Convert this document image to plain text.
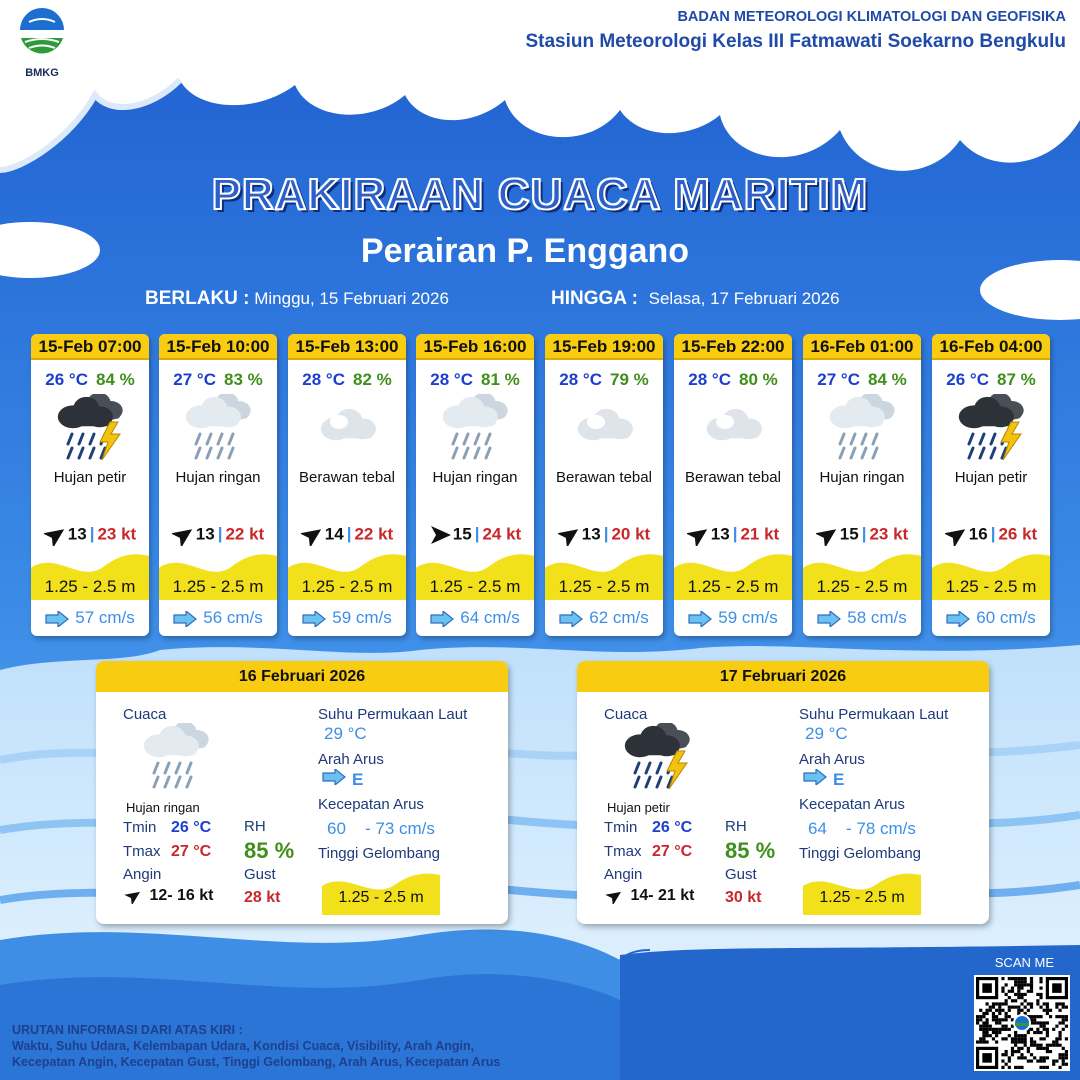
BMKG
BADAN METEOROLOGI KLIMATOLOGI DAN GEOFISIKA
Stasiun Meteorologi Kelas III Fatmawati Soekarno Bengkulu
PRAKIRAAN CUACA MARITIM
Perairan P. Enggano
BERLAKU : Minggu, 15 Februari 2026	HINGGA : Selasa, 17 Februari 2026
15-Feb 07:00
26 °C 84 %
Hujan petir
13 | 23 kt
1.25 - 2.5 m
57 cm/s
15-Feb 10:00
27 °C 83 %
Hujan ringan
13 | 22 kt
1.25 - 2.5 m
56 cm/s
15-Feb 13:00
28 °C 82 %
Berawan tebal
14 | 22 kt
1.25 - 2.5 m
59 cm/s
15-Feb 16:00
28 °C 81 %
Hujan ringan
15 | 24 kt
1.25 - 2.5 m
64 cm/s
15-Feb 19:00
28 °C 79 %
Berawan tebal
13 | 20 kt
1.25 - 2.5 m
62 cm/s
15-Feb 22:00
28 °C 80 %
Berawan tebal
13 | 21 kt
1.25 - 2.5 m
59 cm/s
16-Feb 01:00
27 °C 84 %
Hujan ringan
15 | 23 kt
1.25 - 2.5 m
58 cm/s
16-Feb 04:00
26 °C 87 %
Hujan petir
16 | 26 kt
1.25 - 2.5 m
60 cm/s
16 Februari 2026
Cuaca
Hujan ringan
Tmin 26 °C
Tmax 27 °C
RH
85 %
Angin
12- 16 kt
Gust
28 kt
Suhu Permukaan Laut
29 °C
Arah Arus
E
Kecepatan Arus
60 - 73 cm/s
Tinggi Gelombang
1.25 - 2.5 m
17 Februari 2026
Cuaca
Hujan petir
Tmin 26 °C
Tmax 27 °C
RH
85 %
Angin
14- 21 kt
Gust
30 kt
Suhu Permukaan Laut
29 °C
Arah Arus
E
Kecepatan Arus
64 - 78 cm/s
Tinggi Gelombang
1.25 - 2.5 m
URUTAN INFORMASI DARI ATAS KIRI :
Waktu, Suhu Udara, Kelembapan Udara, Kondisi Cuaca, Visibility, Arah Angin,
Kecepatan Angin, Kecepatan Gust, Tinggi Gelombang, Arah Arus, Kecepatan Arus
SCAN ME
